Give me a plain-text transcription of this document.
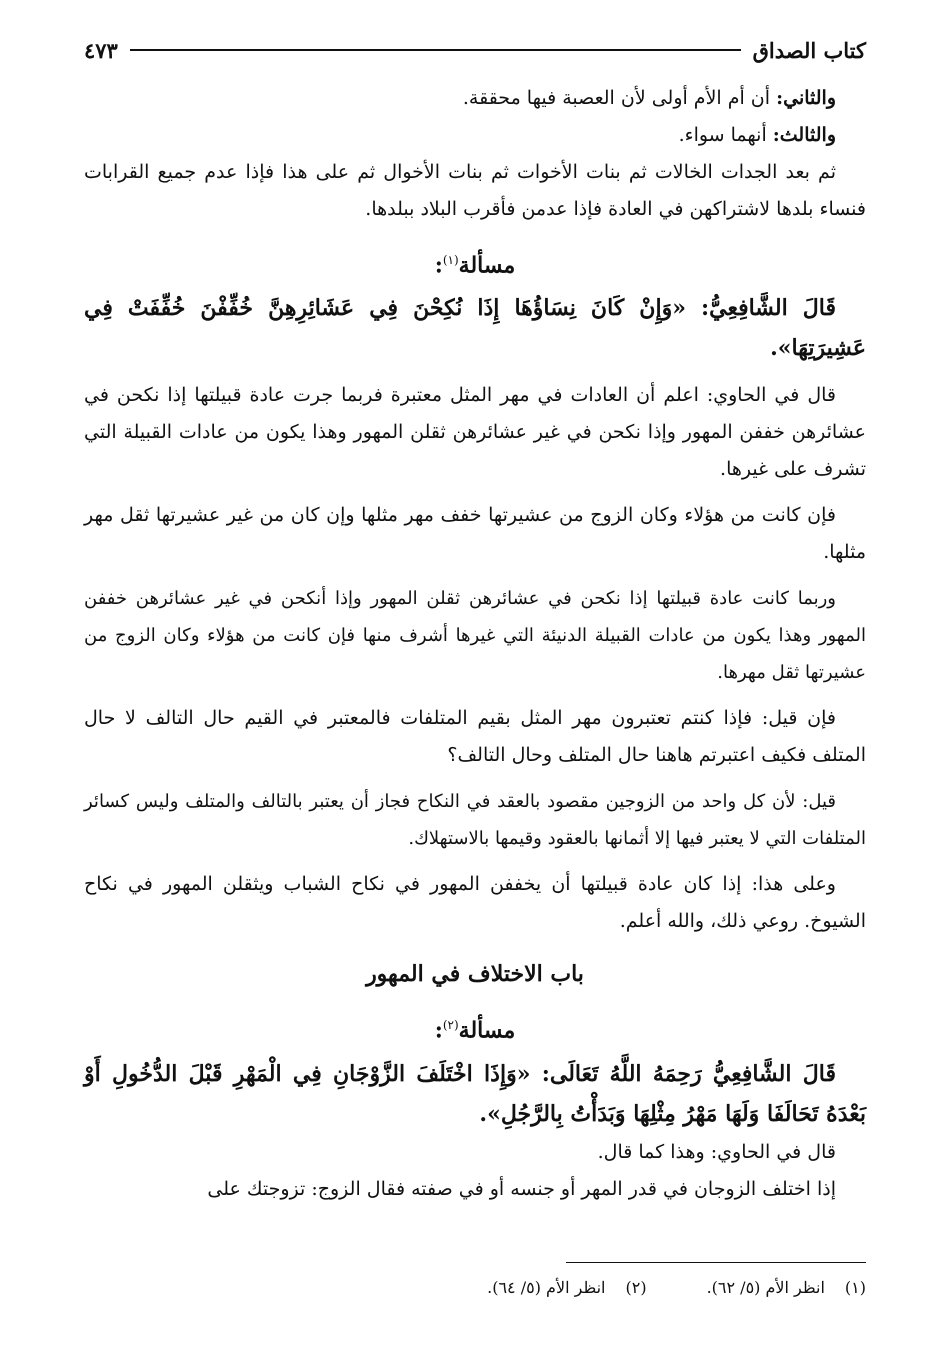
كتاب الصداق
٤٧٣

والثاني: أن أم الأم أولى لأن العصبة فيها محققة.

والثالث: أنهما سواء.

ثم بعد الجدات الخالات ثم بنات الأخوات ثم بنات الأخوال ثم على هذا فإذا عدم جميع القرابات فنساء بلدها لاشتراكهن في العادة فإذا عدمن فأقرب البلاد ببلدها.

مسألة$^{(١)}$:

قَالَ الشَّافِعِيُّ: «وَإِنْ كَانَ نِسَاؤُهَا إِذَا نُكِحْنَ فِي عَشَائِرِهِنَّ خُفِّفْنَ خُفِّفَتْ فِي عَشِيرَتِهَا».

قال في الحاوي: اعلم أن العادات في مهر المثل معتبرة فربما جرت عادة قبيلتها إذا نكحن في عشائرهن خففن المهور وإذا نكحن في غير عشائرهن ثقلن المهور وهذا يكون من عادات القبيلة التي تشرف على غيرها.

فإن كانت من هؤلاء وكان الزوج من عشيرتها خفف مهر مثلها وإن كان من غير عشيرتها ثقل مهر مثلها.

وربما كانت عادة قبيلتها إذا نكحن في عشائرهن ثقلن المهور وإذا أنكحن في غير عشائرهن خففن المهور وهذا يكون من عادات القبيلة الدنيئة التي غيرها أشرف منها فإن كانت من هؤلاء وكان الزوج من عشيرتها ثقل مهرها.

فإن قيل: فإذا كنتم تعتبرون مهر المثل بقيم المتلفات فالمعتبر في القيم حال التالف لا حال المتلف فكيف اعتبرتم هاهنا حال المتلف وحال التالف؟

قيل: لأن كل واحد من الزوجين مقصود بالعقد في النكاح فجاز أن يعتبر بالتالف والمتلف وليس كسائر المتلفات التي لا يعتبر فيها إلا أثمانها بالعقود وقيمها بالاستهلاك.

وعلى هذا: إذا كان عادة قبيلتها أن يخففن المهور في نكاح الشباب ويثقلن المهور في نكاح الشيوخ. روعي ذلك، والله أعلم.

باب الاختلاف في المهور

مسألة$^{(٢)}$:

قَالَ الشَّافِعِيُّ رَحِمَهُ اللَّهُ تَعَالَى: «وَإِذَا اخْتَلَفَ الزَّوْجَانِ فِي الْمَهْرِ قَبْلَ الدُّخُولِ أَوْ بَعْدَهُ تَحَالَفَا وَلَهَا مَهْرُ مِثْلِهَا وَبَدَأْتُ بِالرَّجُلِ».

قال في الحاوي: وهذا كما قال.

إذا اختلف الزوجان في قدر المهر أو جنسه أو في صفته فقال الزوج: تزوجتك على

(١)انظر الأم (٥/ ٦٢).
(٢)انظر الأم (٥/ ٦٤).
